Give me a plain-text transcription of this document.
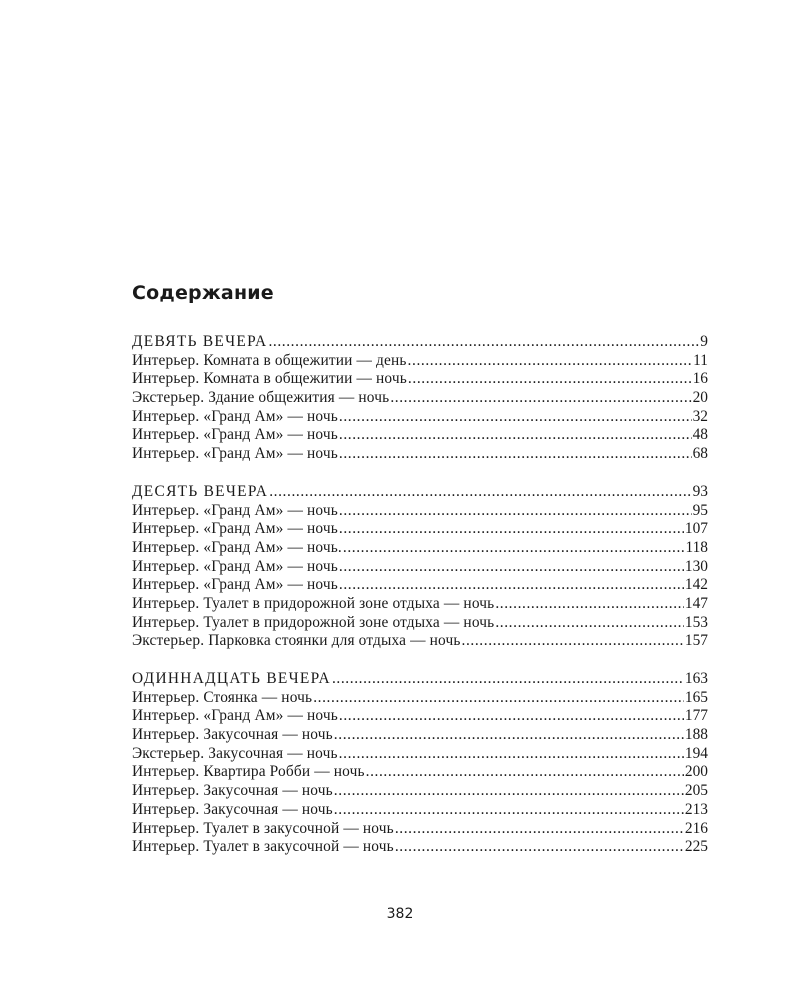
Содержание
ДЕВЯТЬ ВЕЧЕРА .....	9
Интерьер. Комната в общежитии — день .....	11
Интерьер. Комната в общежитии — ночь .....	16
Экстерьер. Здание общежития — ночь .....	20
Интерьер. «Гранд Ам» — ночь .....	32
Интерьер. «Гранд Ам» — ночь .....	48
Интерьер. «Гранд Ам» — ночь .....	68
ДЕСЯТЬ ВЕЧЕРА .....	93
Интерьер. «Гранд Ам» — ночь .....	95
Интерьер. «Гранд Ам» — ночь .....	107
Интерьер. «Гранд Ам» — ночь. .....	118
Интерьер. «Гранд Ам» — ночь .....	130
Интерьер. «Гранд Ам» — ночь .....	142
Интерьер. Туалет в придорожной зоне отдыха — ночь .....	147
Интерьер. Туалет в придорожной зоне отдыха — ночь .....	153
Экстерьер. Парковка стоянки для отдыха — ночь .....	157
ОДИННАДЦАТЬ ВЕЧЕРА .....	163
Интерьер. Стоянка — ночь .....	165
Интерьер. «Гранд Ам» — ночь .....	177
Интерьер. Закусочная — ночь .....	188
Экстерьер. Закусочная — ночь .....	194
Интерьер. Квартира Робби — ночь .....	200
Интерьер. Закусочная — ночь .....	205
Интерьер. Закусочная — ночь .....	213
Интерьер. Туалет в закусочной — ночь .....	216
Интерьер. Туалет в закусочной — ночь .....	225
382
